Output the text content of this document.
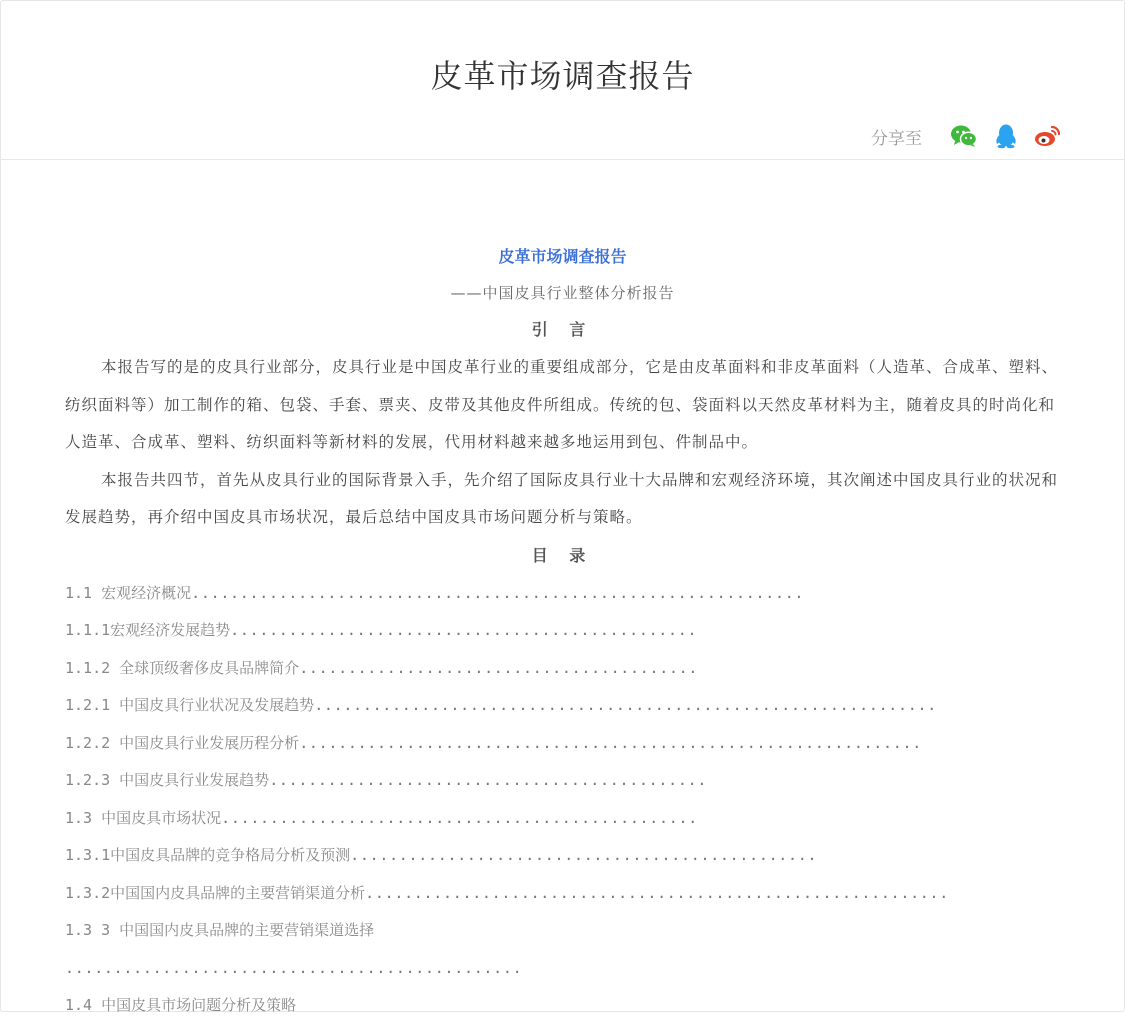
皮革市场调查报告
分享至
皮革市场调查报告
——中国皮具行业整体分析报告
引 言

本报告写的是的皮具行业部分，皮具行业是中国皮革行业的重要组成部分，它是由皮革面料和非皮革面料（人造革、合成革、塑料、纺织面料等）加工制作的箱、包袋、手套、票夹、皮带及其他皮件所组成。传统的包、袋面料以天然皮革材料为主，随着皮具的时尚化和人造革、合成革、塑料、纺织面料等新材料的发展，代用材料越来越多地运用到包、件制品中。

本报告共四节，首先从皮具行业的国际背景入手，先介绍了国际皮具行业十大品牌和宏观经济环境，其次阐述中国皮具行业的状况和发展趋势，再介绍中国皮具市场状况，最后总结中国皮具市场问题分析与策略。

目 录
1.1 宏观经济概况...............................................................
1.1.1宏观经济发展趋势................................................
1.1.2 全球顶级奢侈皮具品牌简介.........................................
1.2.1 中国皮具行业状况及发展趋势................................................................
1.2.2 中国皮具行业发展历程分析................................................................
1.2.3 中国皮具行业发展趋势.............................................
1.3 中国皮具市场状况.................................................
1.3.1中国皮具品牌的竞争格局分析及预测................................................
1.3.2中国国内皮具品牌的主要营销渠道分析............................................................
1.3 3 中国国内皮具品牌的主要营销渠道选择
...............................................
1.4 中国皮具市场问题分析及策略
